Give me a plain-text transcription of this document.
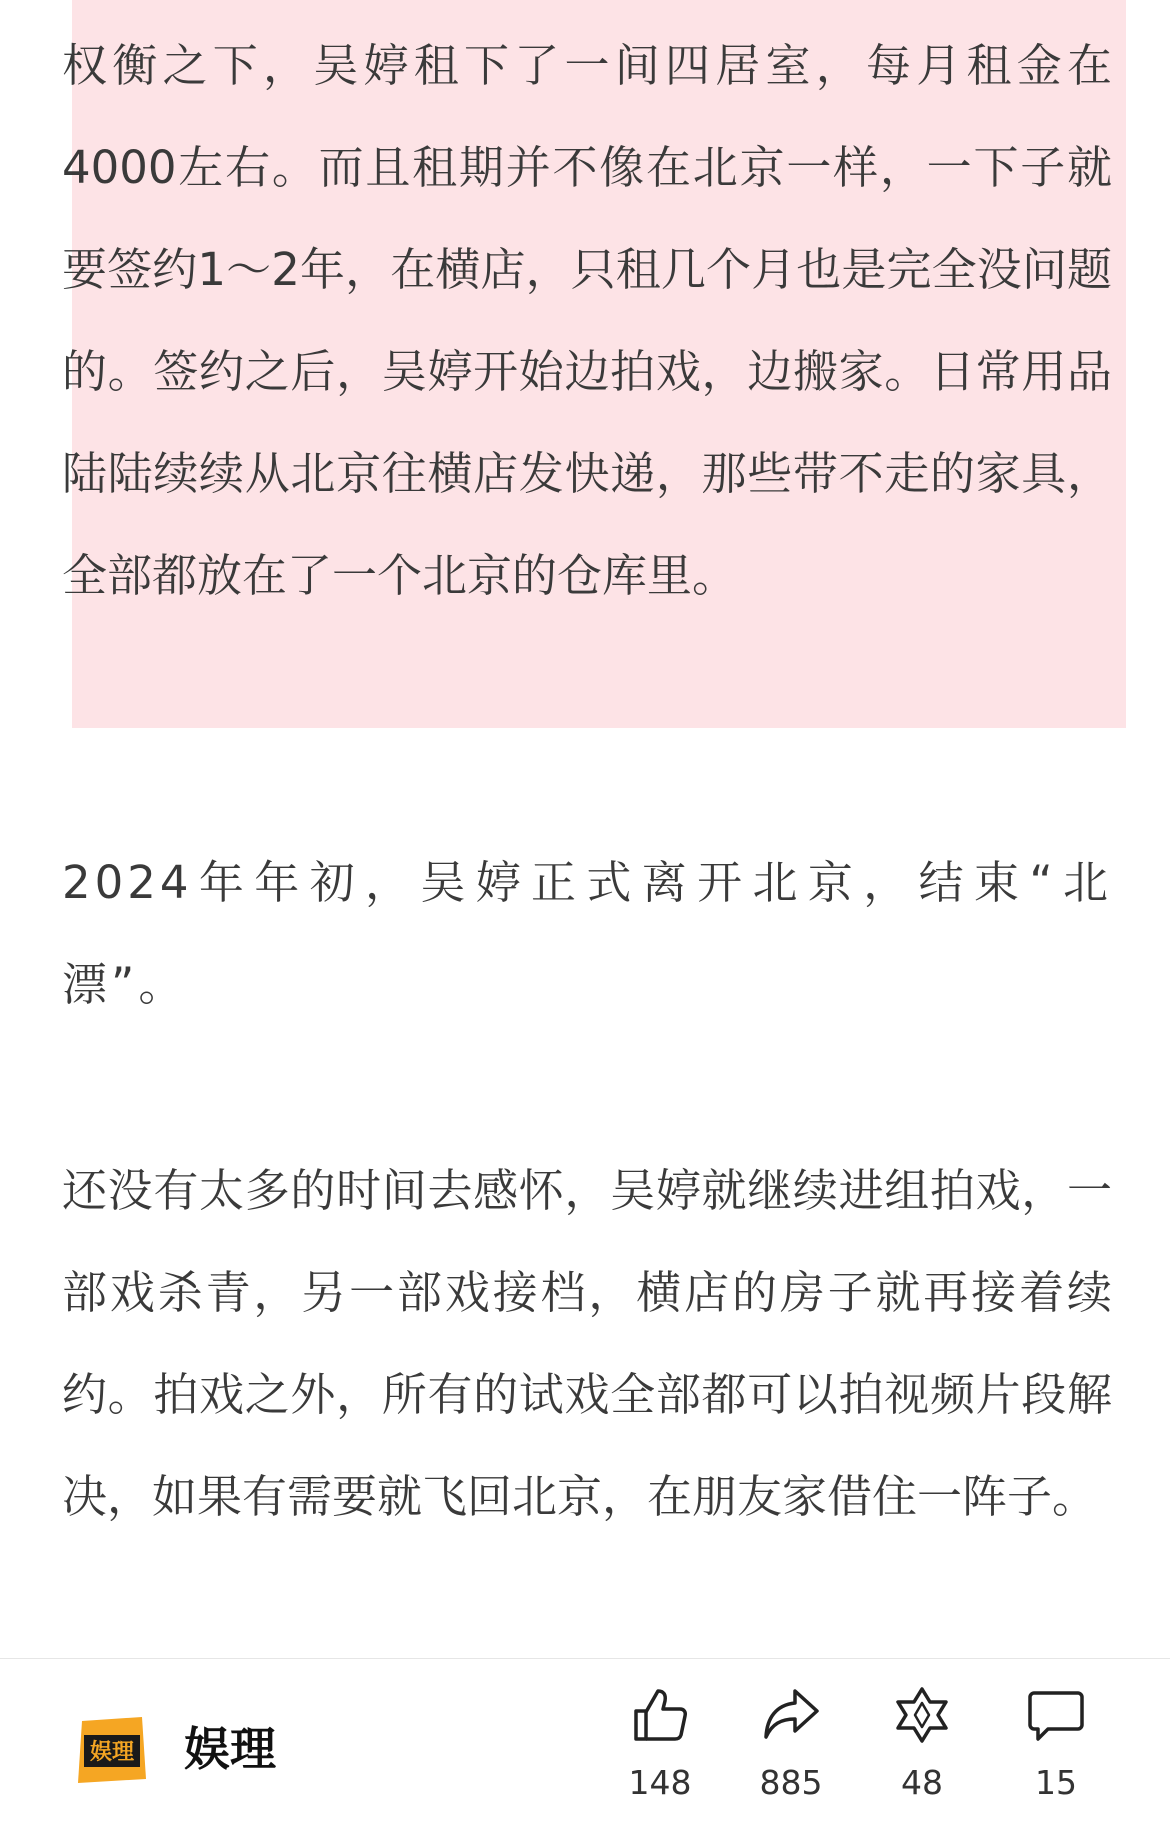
权衡之下，吴婷租下了一间四居室，每月租金在4000左右。而且租期并不像在北京一样，一下子就要签约1～2年，在横店，只租几个月也是完全没问题的。签约之后，吴婷开始边拍戏，边搬家。日常用品陆陆续续从北京往横店发快递，那些带不走的家具，全部都放在了一个北京的仓库里。
2024年年初，吴婷正式离开北京，结束“北漂”。
还没有太多的时间去感怀，吴婷就继续进组拍戏，一部戏杀青，另一部戏接档，横店的房子就再接着续约。拍戏之外，所有的试戏全部都可以拍视频片段解决，如果有需要就飞回北京，在朋友家借住一阵子。
娱理 娱理
148	885	48	15
